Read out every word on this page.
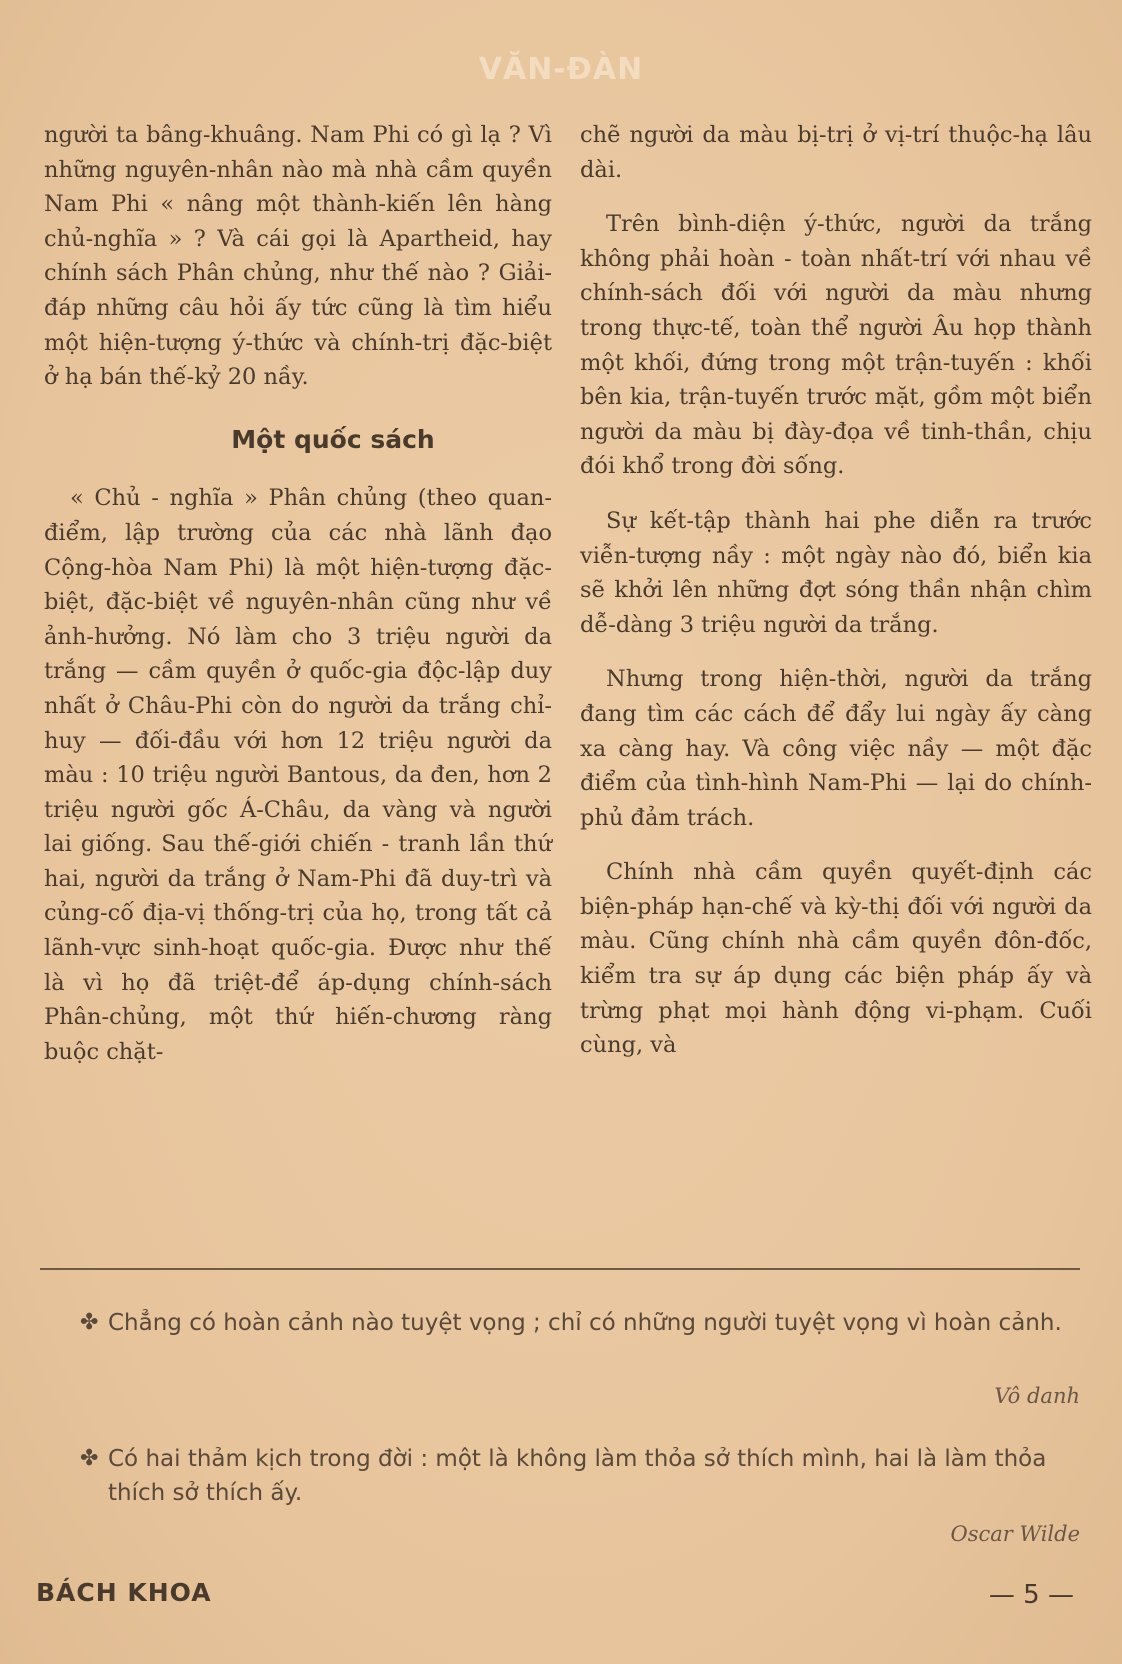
VĂN-ĐÀN

người ta bâng-khuâng. Nam Phi có gì lạ ? Vì những nguyên-nhân nào mà nhà cầm quyền Nam Phi « nâng một thành-kiến lên hàng chủ-nghĩa » ? Và cái gọi là Apartheid, hay chính sách Phân chủng, như thế nào ? Giải-đáp những câu hỏi ấy tức cũng là tìm hiểu một hiện-tượng ý-thức và chính-trị đặc-biệt ở hạ bán thế-kỷ 20 nầy.

Một quốc sách

« Chủ - nghĩa » Phân chủng (theo quan-điểm, lập trường của các nhà lãnh đạo Cộng-hòa Nam Phi) là một hiện-tượng đặc-biệt, đặc-biệt về nguyên-nhân cũng như về ảnh-hưởng. Nó làm cho 3 triệu người da trắng — cầm quyền ở quốc-gia độc-lập duy nhất ở Châu-Phi còn do người da trắng chỉ-huy — đối-đầu với hơn 12 triệu người da màu : 10 triệu người Bantous, da đen, hơn 2 triệu người gốc Á-Châu, da vàng và người lai giống. Sau thế-giới chiến - tranh lần thứ hai, người da trắng ở Nam-Phi đã duy-trì và củng-cố địa-vị thống-trị của họ, trong tất cả lãnh-vực sinh-hoạt quốc-gia. Được như thế là vì họ đã triệt-để áp-dụng chính-sách Phân-chủng, một thứ hiến-chương ràng buộc chặt-

chẽ người da màu bị-trị ở vị-trí thuộc-hạ lâu dài.

Trên bình-diện ý-thức, người da trắng không phải hoàn - toàn nhất-trí với nhau về chính-sách đối với người da màu nhưng trong thực-tế, toàn thể người Âu họp thành một khối, đứng trong một trận-tuyến : khối bên kia, trận-tuyến trước mặt, gồm một biển người da màu bị đày-đọa về tinh-thần, chịu đói khổ trong đời sống.

Sự kết-tập thành hai phe diễn ra trước viễn-tượng nầy : một ngày nào đó, biển kia sẽ khởi lên những đợt sóng thần nhận chìm dễ-dàng 3 triệu người da trắng.

Nhưng trong hiện-thời, người da trắng đang tìm các cách để đẩy lui ngày ấy càng xa càng hay. Và công việc nầy — một đặc điểm của tình-hình Nam-Phi — lại do chính-phủ đảm trách.

Chính nhà cầm quyền quyết-định các biện-pháp hạn-chế và kỳ-thị đối với người da màu. Cũng chính nhà cầm quyền đôn-đốc, kiểm tra sự áp dụng các biện pháp ấy và trừng phạt mọi hành động vi-phạm. Cuối cùng, và

✤ Chẳng có hoàn cảnh nào tuyệt vọng ; chỉ có những người tuyệt vọng vì hoàn cảnh.
Vô danh
✤ Có hai thảm kịch trong đời : một là không làm thỏa sở thích mình, hai là làm thỏa thích sở thích ấy.
Oscar Wilde
BÁCH KHOA	— 5 —
